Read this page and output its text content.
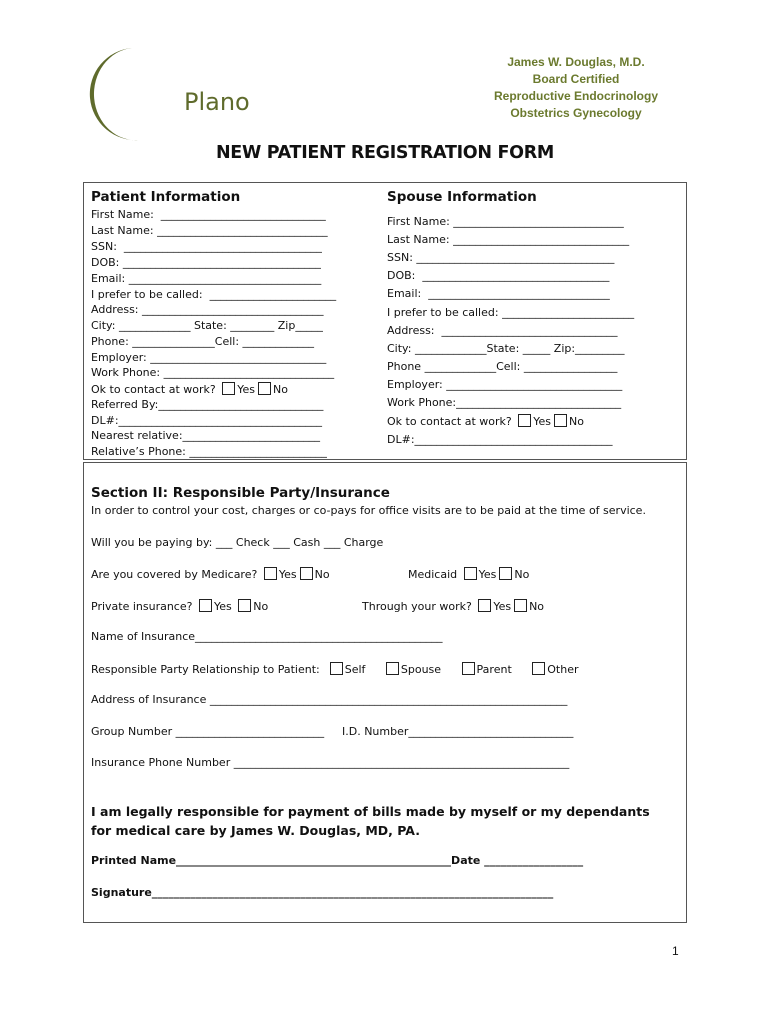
IVF Plano
James W. Douglas, M.D.
Board Certified
Reproductive Endocrinology
Obstetrics Gynecology
NEW PATIENT REGISTRATION FORM
Patient Information
First Name:  ______________________________
Last Name: _______________________________
SSN:  ____________________________________
DOB: ____________________________________
Email: ___________________________________
I prefer to be called:  _______________________
Address: _________________________________
City: _____________ State: ________ Zip_____
Phone: _______________Cell: _____________
Employer: ________________________________
Work Phone: _______________________________
Ok to contact at work? Yes No
Referred By:______________________________
DL#:_____________________________________
Nearest relative:_________________________
Relative’s Phone: _________________________
Spouse Information
First Name: _______________________________
Last Name: ________________________________
SSN: ____________________________________
DOB:  __________________________________
Email:  _________________________________
I prefer to be called: ________________________
Address:  ________________________________
City: _____________State: _____ Zip:_________
Phone _____________Cell: _________________
Employer: ________________________________
Work Phone:______________________________
Ok to contact at work? Yes No
DL#:____________________________________
Section II: Responsible Party/Insurance
In order to control your cost, charges or co-pays for office visits are to be paid at the time of service.
Will you be paying by: ___ Check ___ Cash ___ Charge
Are you covered by Medicare? Yes No	Medicaid Yes No
Private insurance? Yes No	Through your work? Yes No
Name of Insurance_____________________________________________
Responsible Party Relationship to Patient: Self	Spouse	Parent	Other
Address of Insurance _________________________________________________________________
Group Number ___________________________ I.D. Number______________________________
Insurance Phone Number _____________________________________________________________
I am legally responsible for payment of bills made by myself or my dependants for medical care by James W. Douglas, MD, PA.
Printed Name__________________________________________________Date __________________
Signature_________________________________________________________________________
1
